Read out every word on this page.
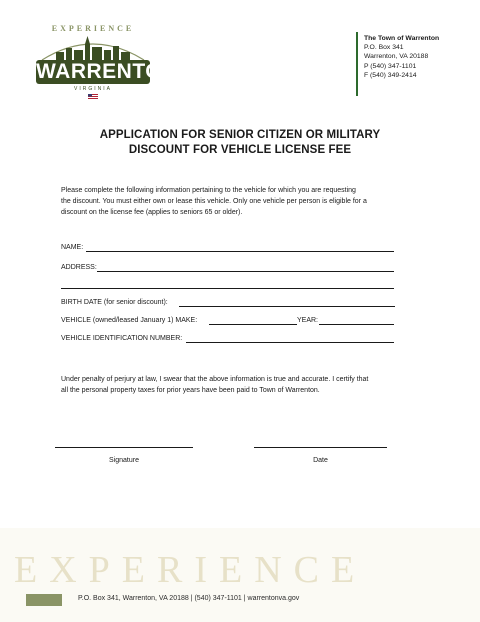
EXPERIENCE
WARRENTON
VIRGINIA
The Town of Warrenton
P.O. Box 341
Warrenton, VA 20188
P (540) 347-1101
F (540) 349-2414
APPLICATION FOR SENIOR CITIZEN OR MILITARY
DISCOUNT FOR VEHICLE LICENSE FEE
Please complete the following information pertaining to the vehicle for which you are requesting
the discount. You must either own or lease this vehicle. Only one vehicle per person is eligible for a
discount on the license fee (applies to seniors 65 or older).
NAME:
ADDRESS:
BIRTH DATE (for senior discount):
VEHICLE (owned/leased January 1) MAKE:	YEAR:
VEHICLE IDENTIFICATION NUMBER:
Under penalty of perjury at law, I swear that the above information is true and accurate. I certify that
all the personal property taxes for prior years have been paid to Town of Warrenton.
Signature	Date
EXPERIENCE
P.O. Box 341, Warrenton, VA 20188 | (540) 347-1101 | warrentonva.gov
